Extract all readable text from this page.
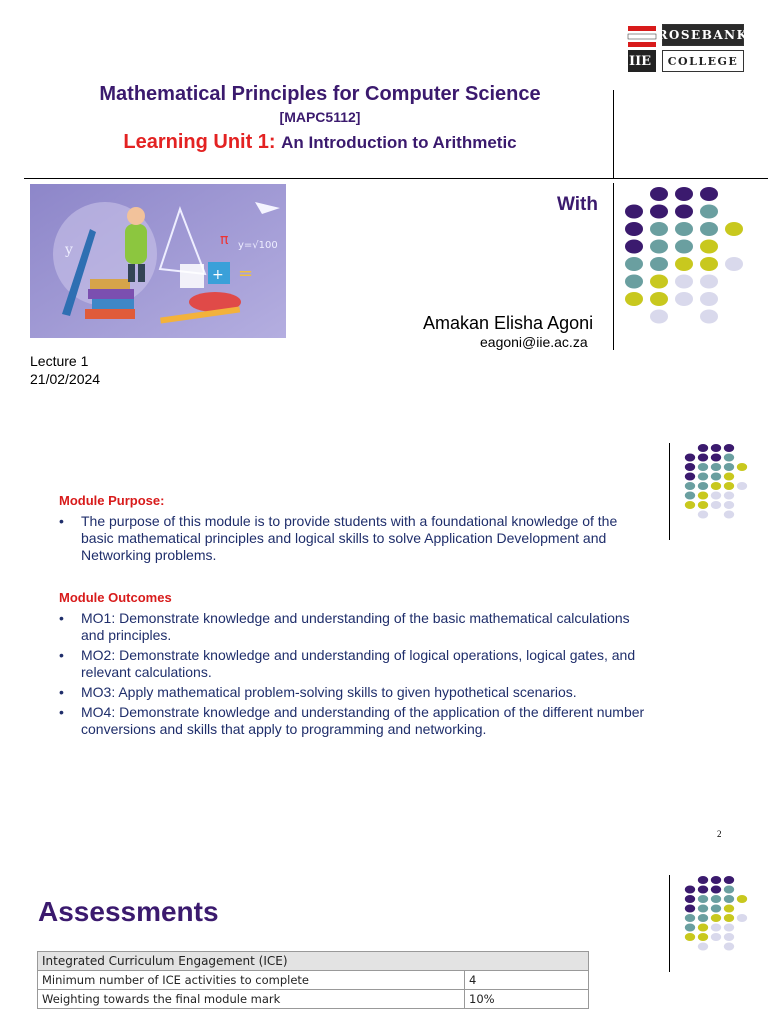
IIE
ROSEBANK
COLLEGE
Mathematical Principles for Computer Science
[MAPC5112]
Learning Unit 1: An Introduction to Arithmetic
y
π y=√100
+ =
With
Amakan Elisha Agoni
eagoni@iie.ac.za
Lecture 1
21/02/2024
Module Purpose:
• The purpose of this module is to provide students with a foundational knowledge of the basic mathematical principles and logical skills to solve Application Development and Networking problems.
Module Outcomes
• MO1: Demonstrate knowledge and understanding of the basic mathematical calculations and principles.
• MO2: Demonstrate knowledge and understanding of logical operations, logical gates, and relevant calculations.
• MO3: Apply mathematical problem-solving skills to given hypothetical scenarios.
• MO4: Demonstrate knowledge and understanding of the application of the different number conversions and skills that apply to programming and networking.
2
Assessments
Integrated Curriculum Engagement (ICE)	
Minimum number of ICE activities to complete	4
Weighting towards the final module mark	10%
